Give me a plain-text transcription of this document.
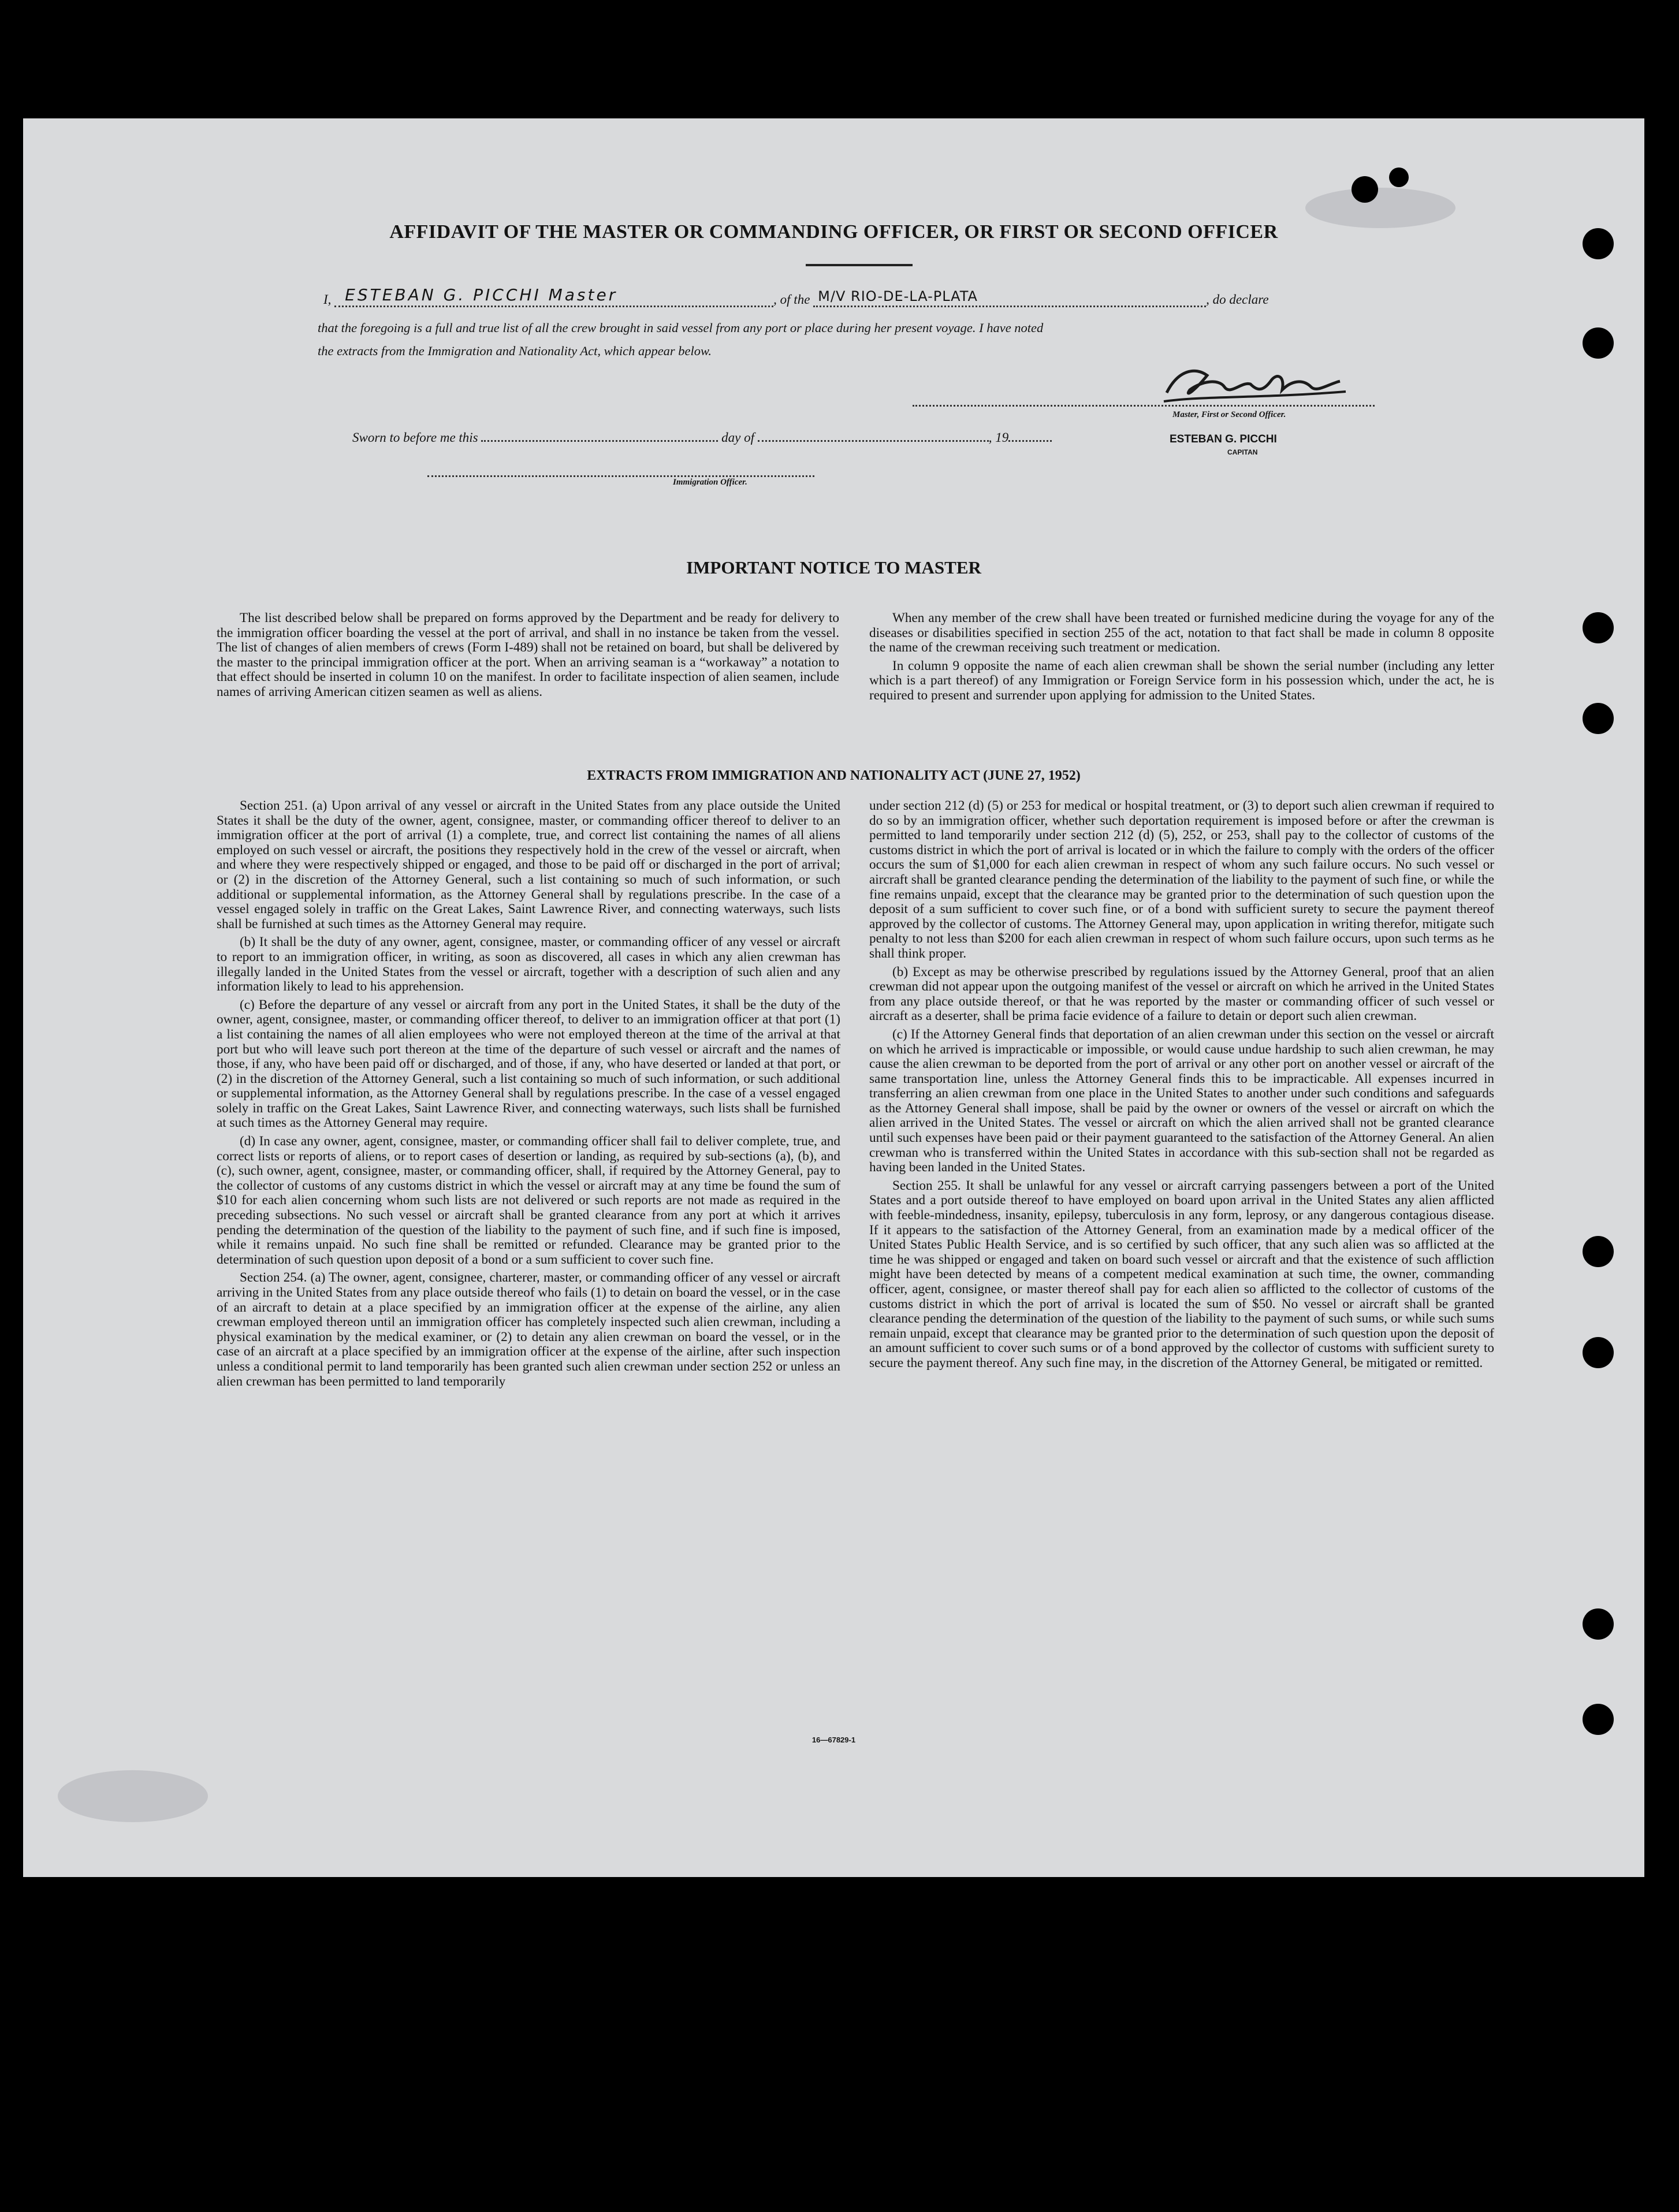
AFFIDAVIT OF THE MASTER OR COMMANDING OFFICER, OR FIRST OR SECOND OFFICER
I, ESTEBAN G. PICCHI Master	, of the M/V RIO-DE-LA-PLATA	, do declare
that the foregoing is a full and true list of all the crew brought in said vessel from any port or place during her present voyage. I have noted
the extracts from the Immigration and Nationality Act, which appear below.
Master, First or Second Officer.
ESTEBAN G. PICCHI
CAPITAN
Sworn to before me this	day of	, 19
Immigration Officer.
IMPORTANT NOTICE TO MASTER

The list described below shall be prepared on forms approved by the Department and be ready for delivery to the immigration officer boarding the vessel at the port of arrival, and shall in no instance be taken from the vessel. The list of changes of alien members of crews (Form I-489) shall not be retained on board, but shall be delivered by the master to the principal immigration officer at the port. When an arriving seaman is a “workaway” a notation to that effect should be inserted in column 10 on the manifest. In order to facilitate inspection of alien seamen, include names of arriving American citizen seamen as well as aliens.

When any member of the crew shall have been treated or furnished medicine during the voyage for any of the diseases or disabilities specified in section 255 of the act, notation to that fact shall be made in column 8 opposite the name of the crewman receiving such treatment or medication.

In column 9 opposite the name of each alien crewman shall be shown the serial number (including any letter which is a part thereof) of any Immigration or Foreign Service form in his possession which, under the act, he is required to present and surrender upon applying for admission to the United States.

EXTRACTS FROM IMMIGRATION AND NATIONALITY ACT (JUNE 27, 1952)

Section 251. (a) Upon arrival of any vessel or aircraft in the United States from any place outside the United States it shall be the duty of the owner, agent, consignee, master, or commanding officer thereof to deliver to an immigration officer at the port of arrival (1) a complete, true, and correct list containing the names of all aliens employed on such vessel or aircraft, the positions they respectively hold in the crew of the vessel or aircraft, when and where they were respectively shipped or engaged, and those to be paid off or discharged in the port of arrival; or (2) in the discretion of the Attorney General, such a list containing so much of such information, or such additional or supplemental information, as the Attorney General shall by regulations prescribe. In the case of a vessel engaged solely in traffic on the Great Lakes, Saint Lawrence River, and connecting waterways, such lists shall be furnished at such times as the Attorney General may require.

(b) It shall be the duty of any owner, agent, consignee, master, or commanding officer of any vessel or aircraft to report to an immigration officer, in writing, as soon as discovered, all cases in which any alien crewman has illegally landed in the United States from the vessel or aircraft, together with a description of such alien and any information likely to lead to his apprehension.

(c) Before the departure of any vessel or aircraft from any port in the United States, it shall be the duty of the owner, agent, consignee, master, or commanding officer thereof, to deliver to an immigration officer at that port (1) a list containing the names of all alien employees who were not employed thereon at the time of the arrival at that port but who will leave such port thereon at the time of the departure of such vessel or aircraft and the names of those, if any, who have been paid off or discharged, and of those, if any, who have deserted or landed at that port, or (2) in the discretion of the Attorney General, such a list containing so much of such information, or such additional or supplemental information, as the Attorney General shall by regulations prescribe. In the case of a vessel engaged solely in traffic on the Great Lakes, Saint Lawrence River, and connecting waterways, such lists shall be furnished at such times as the Attorney General may require.

(d) In case any owner, agent, consignee, master, or commanding officer shall fail to deliver complete, true, and correct lists or reports of aliens, or to report cases of desertion or landing, as required by sub-sections (a), (b), and (c), such owner, agent, consignee, master, or commanding officer, shall, if required by the Attorney General, pay to the collector of customs of any customs district in which the vessel or aircraft may at any time be found the sum of $10 for each alien concerning whom such lists are not delivered or such reports are not made as required in the preceding subsections. No such vessel or aircraft shall be granted clearance from any port at which it arrives pending the determination of the question of the liability to the payment of such fine, and if such fine is imposed, while it remains unpaid. No such fine shall be remitted or refunded. Clearance may be granted prior to the determination of such question upon deposit of a bond or a sum sufficient to cover such fine.

Section 254. (a) The owner, agent, consignee, charterer, master, or commanding officer of any vessel or aircraft arriving in the United States from any place outside thereof who fails (1) to detain on board the vessel, or in the case of an aircraft to detain at a place specified by an immigration officer at the expense of the airline, any alien crewman employed thereon until an immigration officer has completely inspected such alien crewman, including a physical examination by the medical examiner, or (2) to detain any alien crewman on board the vessel, or in the case of an aircraft at a place specified by an immigration officer at the expense of the airline, after such inspection unless a conditional permit to land temporarily has been granted such alien crewman under section 252 or unless an alien crewman has been permitted to land temporarily

under section 212 (d) (5) or 253 for medical or hospital treatment, or (3) to deport such alien crewman if required to do so by an immigration officer, whether such deportation requirement is imposed before or after the crewman is permitted to land temporarily under section 212 (d) (5), 252, or 253, shall pay to the collector of customs of the customs district in which the port of arrival is located or in which the failure to comply with the orders of the officer occurs the sum of $1,000 for each alien crewman in respect of whom any such failure occurs. No such vessel or aircraft shall be granted clearance pending the determination of the liability to the payment of such fine, or while the fine remains unpaid, except that the clearance may be granted prior to the determination of such question upon the deposit of a sum sufficient to cover such fine, or of a bond with sufficient surety to secure the payment thereof approved by the collector of customs. The Attorney General may, upon application in writing therefor, mitigate such penalty to not less than $200 for each alien crewman in respect of whom such failure occurs, upon such terms as he shall think proper.

(b) Except as may be otherwise prescribed by regulations issued by the Attorney General, proof that an alien crewman did not appear upon the outgoing manifest of the vessel or aircraft on which he arrived in the United States from any place outside thereof, or that he was reported by the master or commanding officer of such vessel or aircraft as a deserter, shall be prima facie evidence of a failure to detain or deport such alien crewman.

(c) If the Attorney General finds that deportation of an alien crewman under this section on the vessel or aircraft on which he arrived is impracticable or impossible, or would cause undue hardship to such alien crewman, he may cause the alien crewman to be deported from the port of arrival or any other port on another vessel or aircraft of the same transportation line, unless the Attorney General finds this to be impracticable. All expenses incurred in transferring an alien crewman from one place in the United States to another under such conditions and safeguards as the Attorney General shall impose, shall be paid by the owner or owners of the vessel or aircraft on which the alien arrived in the United States. The vessel or aircraft on which the alien arrived shall not be granted clearance until such expenses have been paid or their payment guaranteed to the satisfaction of the Attorney General. An alien crewman who is transferred within the United States in accordance with this sub-section shall not be regarded as having been landed in the United States.

Section 255. It shall be unlawful for any vessel or aircraft carrying passengers between a port of the United States and a port outside thereof to have employed on board upon arrival in the United States any alien afflicted with feeble-mindedness, insanity, epilepsy, tuberculosis in any form, leprosy, or any dangerous contagious disease. If it appears to the satisfaction of the Attorney General, from an examination made by a medical officer of the United States Public Health Service, and is so certified by such officer, that any such alien was so afflicted at the time he was shipped or engaged and taken on board such vessel or aircraft and that the existence of such affliction might have been detected by means of a competent medical examination at such time, the owner, commanding officer, agent, consignee, or master thereof shall pay for each alien so afflicted to the collector of customs of the customs district in which the port of arrival is located the sum of $50. No vessel or aircraft shall be granted clearance pending the determination of the question of the liability to the payment of such sums, or while such sums remain unpaid, except that clearance may be granted prior to the determination of such question upon the deposit of an amount sufficient to cover such sums or of a bond approved by the collector of customs with sufficient surety to secure the payment thereof. Any such fine may, in the discretion of the Attorney General, be mitigated or remitted.

16—67829-1
